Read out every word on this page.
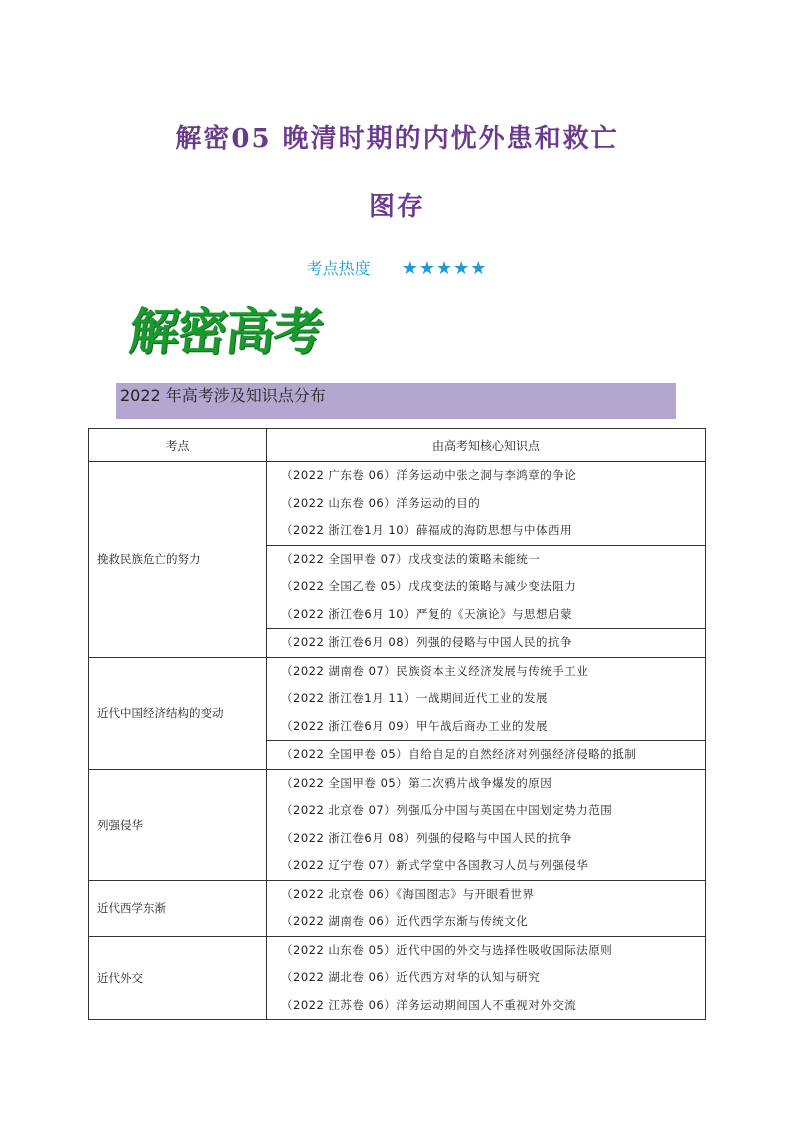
解密05 晚清时期的内忧外患和救亡
图存
考点热度 ★★★★★
解密高考
2022 年高考涉及知识点分布
考点	由高考知核心知识点
挽救民族危亡的努力	（2022 广东卷 06）洋务运动中张之洞与李鸿章的争论
（2022 山东卷 06）洋务运动的目的
（2022 浙江卷1月 10）薛福成的海防思想与中体西用

	（2022 全国甲卷 07）戊戌变法的策略未能统一
（2022 全国乙卷 05）戊戌变法的策略与减少变法阻力
（2022 浙江卷6月 10）严复的《天演论》与思想启蒙

	（2022 浙江卷6月 08）列强的侵略与中国人民的抗争

近代中国经济结构的变动	（2022 湖南卷 07）民族资本主义经济发展与传统手工业
（2022 浙江卷1月 11）一战期间近代工业的发展
（2022 浙江卷6月 09）甲午战后商办工业的发展

	（2022 全国甲卷 05）自给自足的自然经济对列强经济侵略的抵制

列强侵华	（2022 全国甲卷 05）第二次鸦片战争爆发的原因
（2022 北京卷 07）列强瓜分中国与英国在中国划定势力范围
（2022 浙江卷6月 08）列强的侵略与中国人民的抗争
（2022 辽宁卷 07）新式学堂中各国教习人员与列强侵华

近代西学东渐	（2022 北京卷 06）《海国图志》与开眼看世界
（2022 湖南卷 06）近代西学东渐与传统文化

近代外交	（2022 山东卷 05）近代中国的外交与选择性吸收国际法原则
（2022 湖北卷 06）近代西方对华的认知与研究
（2022 江苏卷 06）洋务运动期间国人不重视对外交流
